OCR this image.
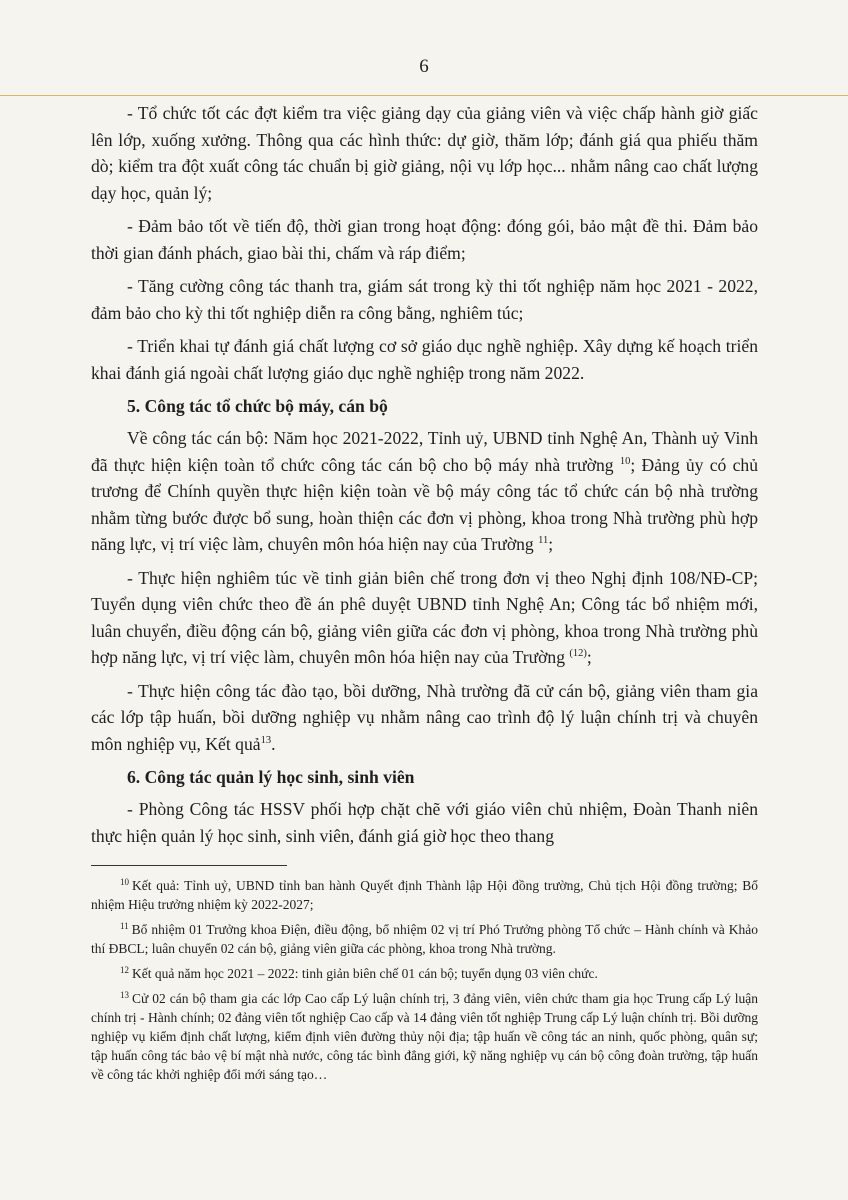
6

- Tổ chức tốt các đợt kiểm tra việc giảng dạy của giảng viên và việc chấp hành giờ giấc lên lớp, xuống xưởng. Thông qua các hình thức: dự giờ, thăm lớp; đánh giá qua phiếu thăm dò; kiểm tra đột xuất công tác chuẩn bị giờ giảng, nội vụ lớp học... nhằm nâng cao chất lượng dạy học, quản lý;

- Đảm bảo tốt về tiến độ, thời gian trong hoạt động: đóng gói, bảo mật đề thi. Đảm bảo thời gian đánh phách, giao bài thi, chấm và ráp điểm;

- Tăng cường công tác thanh tra, giám sát trong kỳ thi tốt nghiệp năm học 2021 - 2022, đảm bảo cho kỳ thi tốt nghiệp diễn ra công bằng, nghiêm túc;

- Triển khai tự đánh giá chất lượng cơ sở giáo dục nghề nghiệp. Xây dựng kế hoạch triển khai đánh giá ngoài chất lượng giáo dục nghề nghiệp trong năm 2022.

5. Công tác tổ chức bộ máy, cán bộ

Về công tác cán bộ: Năm học 2021-2022, Tỉnh uỷ, UBND tỉnh Nghệ An, Thành uỷ Vinh đã thực hiện kiện toàn tổ chức công tác cán bộ cho bộ máy nhà trường $^{10}$; Đảng ủy có chủ trương để Chính quyền thực hiện kiện toàn về bộ máy công tác tổ chức cán bộ nhà trường nhằm từng bước được bổ sung, hoàn thiện các đơn vị phòng, khoa trong Nhà trường phù hợp năng lực, vị trí việc làm, chuyên môn hóa hiện nay của Trường $^{11}$;

- Thực hiện nghiêm túc về tinh giản biên chế trong đơn vị theo Nghị định 108/NĐ-CP; Tuyển dụng viên chức theo đề án phê duyệt UBND tỉnh Nghệ An; Công tác bổ nhiệm mới, luân chuyển, điều động cán bộ, giảng viên giữa các đơn vị phòng, khoa trong Nhà trường phù hợp năng lực, vị trí việc làm, chuyên môn hóa hiện nay của Trường $^{(12)}$;

- Thực hiện công tác đào tạo, bồi dưỡng, Nhà trường đã cử cán bộ, giảng viên tham gia các lớp tập huấn, bồi dưỡng nghiệp vụ nhằm nâng cao trình độ lý luận chính trị và chuyên môn nghiệp vụ, Kết quả$^{13}$.

6. Công tác quản lý học sinh, sinh viên

- Phòng Công tác HSSV phối hợp chặt chẽ với giáo viên chủ nhiệm, Đoàn Thanh niên thực hiện quản lý học sinh, sinh viên, đánh giá giờ học theo thang

$^{10}$ Kết quả: Tỉnh uỷ, UBND tỉnh ban hành Quyết định Thành lập Hội đồng trường, Chủ tịch Hội đồng trường; Bổ nhiệm Hiệu trưởng nhiệm kỳ 2022-2027;
$^{11}$ Bổ nhiệm 01 Trưởng khoa Điện, điều động, bổ nhiệm 02 vị trí Phó Trưởng phòng Tổ chức – Hành chính và Khảo thí ĐBCL; luân chuyển 02 cán bộ, giảng viên giữa các phòng, khoa trong Nhà trường.
$^{12}$ Kết quả năm học 2021 – 2022: tinh giản biên chế 01 cán bộ; tuyển dụng 03 viên chức.
$^{13}$ Cử 02 cán bộ tham gia các lớp Cao cấp Lý luận chính trị, 3 đảng viên, viên chức tham gia học Trung cấp Lý luận chính trị - Hành chính; 02 đảng viên tốt nghiệp Cao cấp và 14 đảng viên tốt nghiệp Trung cấp Lý luận chính trị. Bồi dưỡng nghiệp vụ kiểm định chất lượng, kiểm định viên đường thủy nội địa; tập huấn về công tác an ninh, quốc phòng, quân sự; tập huấn công tác bảo vệ bí mật nhà nước, công tác bình đẳng giới, kỹ năng nghiệp vụ cán bộ công đoàn trường, tập huấn về công tác khởi nghiệp đổi mới sáng tạo…
